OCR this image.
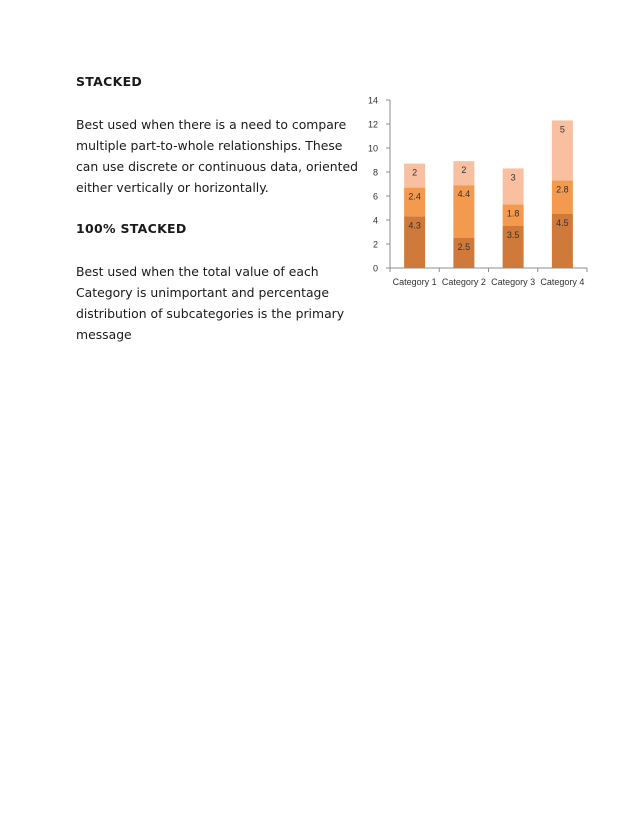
STACKED

Best used when there is a need to compare multiple part-to-whole relationships. These can use discrete or continuous data, oriented either vertically or horizontally.

100% STACKED

Best used when the total value of each Category is unimportant and percentage distribution of subcategories is the primary message

0
2
4
6
8
10
12
14
4.3
2.4
2
Category 1
2.5
4.4
2
Category 2
3.5
1.8
3
Category 3
4.5
2.8
5
Category 4
